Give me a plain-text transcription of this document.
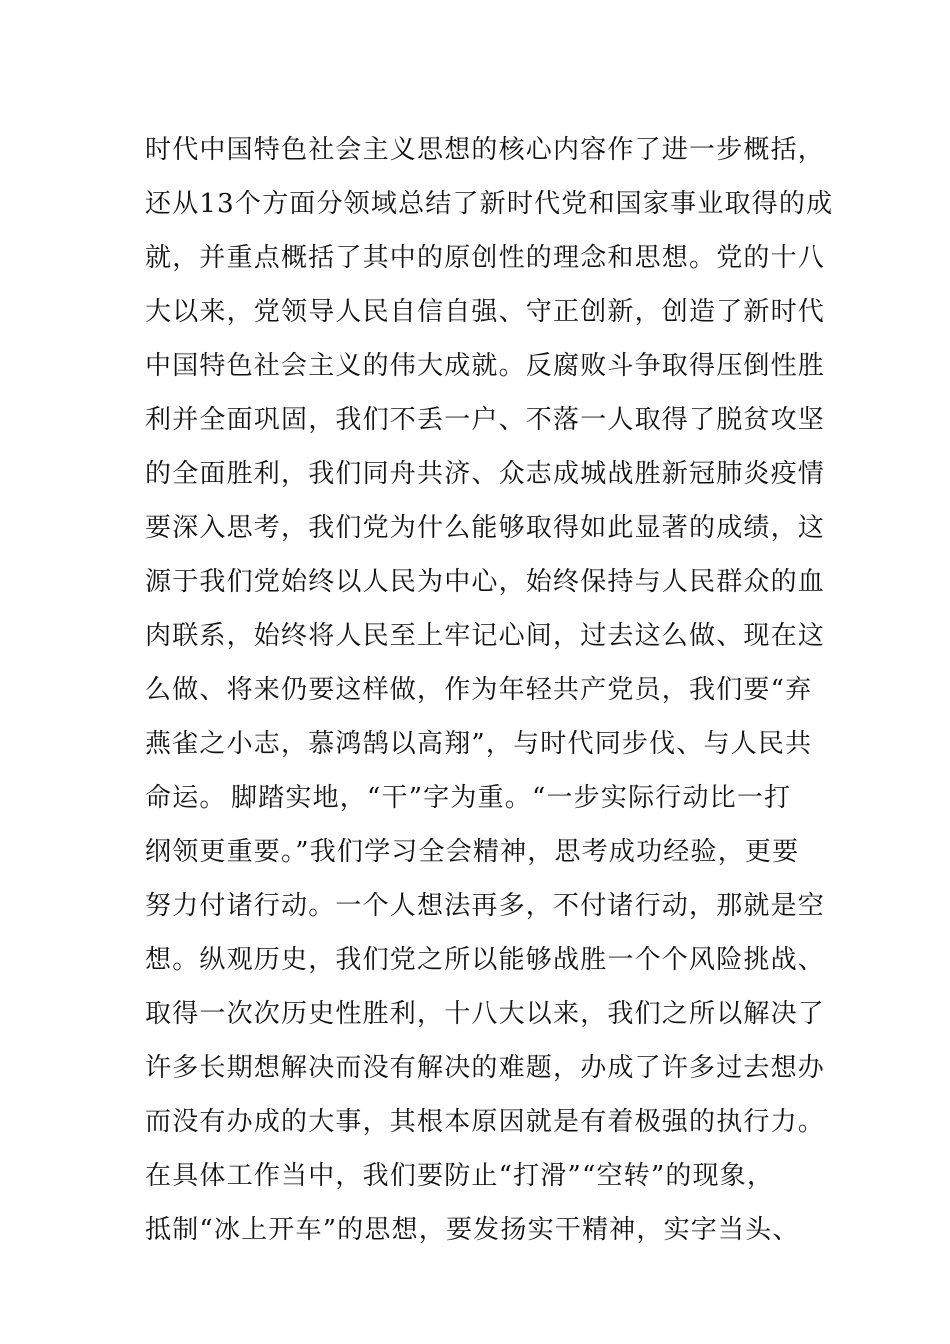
时代中国特色社会主义思想的核心内容作了进一步概括，
还从13个方面分领域总结了新时代党和国家事业取得的成
就，并重点概括了其中的原创性的理念和思想。党的十八
大以来，党领导人民自信自强、守正创新，创造了新时代
中国特色社会主义的伟大成就。反腐败斗争取得压倒性胜
利并全面巩固，我们不丢一户、不落一人取得了脱贫攻坚
的全面胜利，我们同舟共济、众志成城战胜新冠肺炎疫情
要深入思考，我们党为什么能够取得如此显著的成绩，这
源于我们党始终以人民为中心，始终保持与人民群众的血
肉联系，始终将人民至上牢记心间，过去这么做、现在这
么做、将来仍要这样做，作为年轻共产党员，我们要“弃
燕雀之小志，慕鸿鹄以高翔”，与时代同步伐、与人民共
命运。 脚踏实地，“干”字为重。“一步实际行动比一打
纲领更重要。”我们学习全会精神，思考成功经验，更要
努力付诸行动。一个人想法再多，不付诸行动，那就是空
想。纵观历史，我们党之所以能够战胜一个个风险挑战、
取得一次次历史性胜利，十八大以来，我们之所以解决了
许多长期想解决而没有解决的难题，办成了许多过去想办
而没有办成的大事，其根本原因就是有着极强的执行力。
在具体工作当中，我们要防止“打滑”“空转”的现象，
抵制“冰上开车”的思想，要发扬实干精神，实字当头、
